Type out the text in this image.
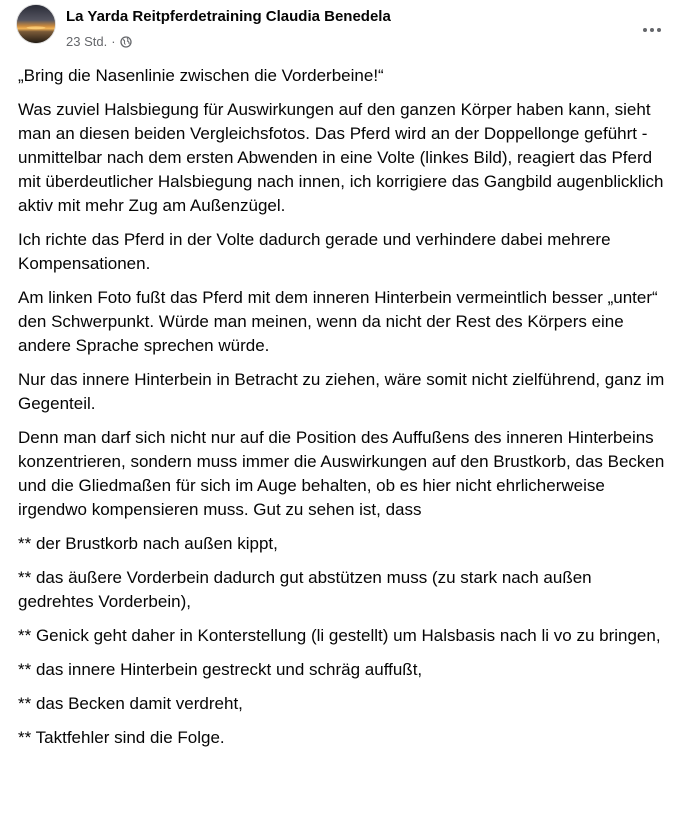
La Yarda Reitpferdetraining Claudia Benedela
23 Std. ·

„Bring die Nasenlinie zwischen die Vorderbeine!“

Was zuviel Halsbiegung für Auswirkungen auf den ganzen Körper haben kann, sieht man an diesen beiden Vergleichsfotos. Das Pferd wird an der Doppellonge geführt - unmittelbar nach dem ersten Abwenden in eine Volte (linkes Bild), reagiert das Pferd mit überdeutlicher Halsbiegung nach innen, ich korrigiere das Gangbild augenblicklich aktiv mit mehr Zug am Außenzügel.

Ich richte das Pferd in der Volte dadurch gerade und verhindere dabei mehrere Kompensationen.

Am linken Foto fußt das Pferd mit dem inneren Hinterbein vermeintlich besser „unter“ den Schwerpunkt. Würde man meinen, wenn da nicht der Rest des Körpers eine andere Sprache sprechen würde.

Nur das innere Hinterbein in Betracht zu ziehen, wäre somit nicht zielführend, ganz im Gegenteil.

Denn man darf sich nicht nur auf die Position des Auffußens des inneren Hinterbeins konzentrieren, sondern muss immer die Auswirkungen auf den Brustkorb, das Becken und die Gliedmaßen für sich im Auge behalten, ob es hier nicht ehrlicherweise irgendwo kompensieren muss. Gut zu sehen ist, dass

** der Brustkorb nach außen kippt,

** das äußere Vorderbein dadurch gut abstützen muss (zu stark nach außen gedrehtes Vorderbein),

** Genick geht daher in Konterstellung (li gestellt) um Halsbasis nach li vo zu bringen,

** das innere Hinterbein gestreckt und schräg auffußt,

** das Becken damit verdreht,

** Taktfehler sind die Folge.
